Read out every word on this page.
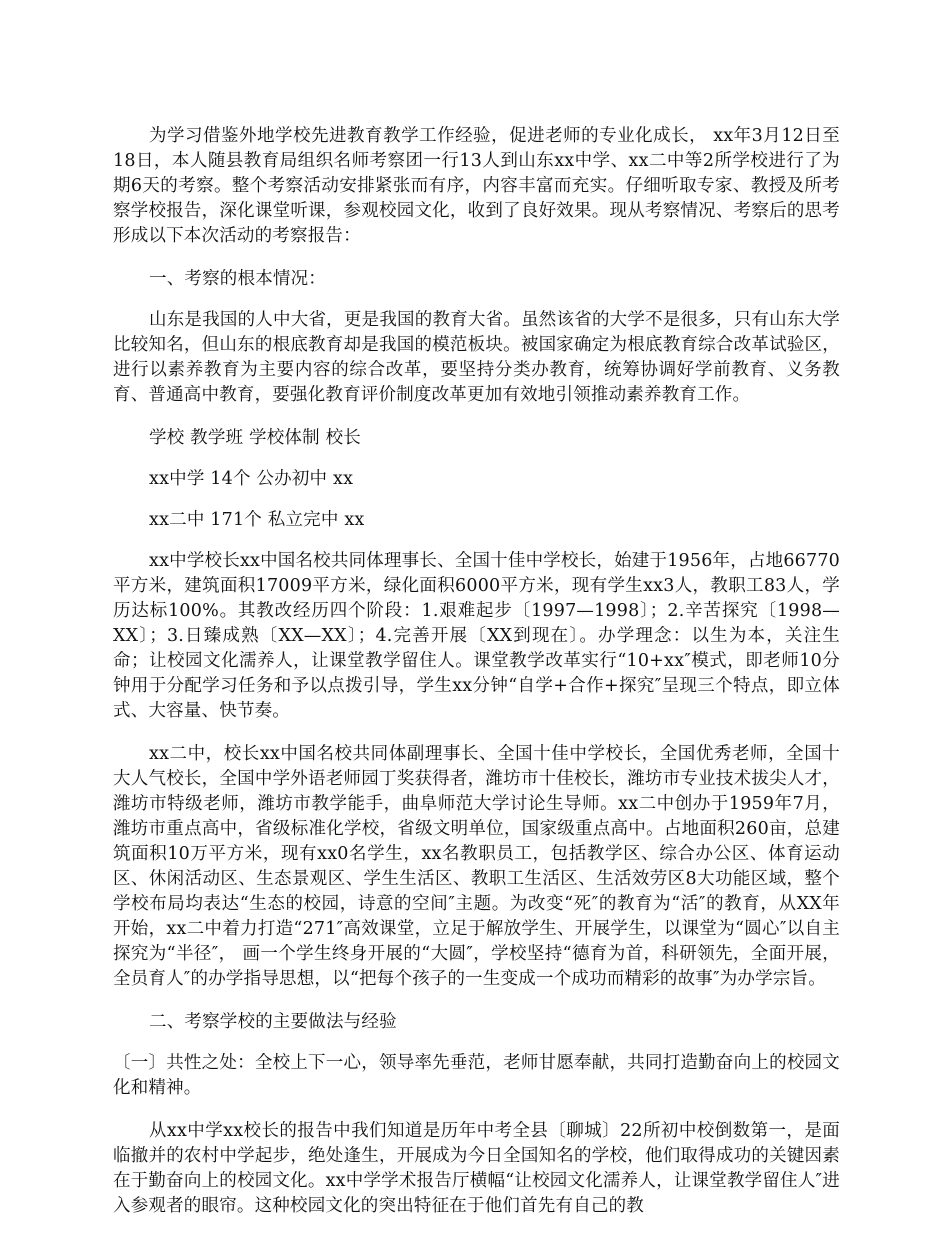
为学习借鉴外地学校先进教育教学工作经验，促进老师的专业化成长， xx年3月12日至18日，本人随县教育局组织名师考察团一行13人到山东xx中学、xx二中等2所学校进行了为期6天的考察。整个考察活动安排紧张而有序，内容丰富而充实。仔细听取专家、教授及所考察学校报告，深化课堂听课，参观校园文化，收到了良好效果。现从考察情况、考察后的思考形成以下本次活动的考察报告：

一、考察的根本情况：

山东是我国的人中大省，更是我国的教育大省。虽然该省的大学不是很多，只有山东大学比较知名，但山东的根底教育却是我国的模范板块。被国家确定为根底教育综合改革试验区，进行以素养教育为主要内容的综合改革，要坚持分类办教育，统筹协调好学前教育、义务教育、普通高中教育，要强化教育评价制度改革更加有效地引领推动素养教育工作。

学校 教学班 学校体制 校长

xx中学 14个 公办初中 xx

xx二中 171个 私立完中 xx

xx中学校长xx中国名校共同体理事长、全国十佳中学校长，始建于1956年，占地66770平方米，建筑面积17009平方米，绿化面积6000平方米，现有学生xx3人，教职工83人，学历达标100%。其教改经历四个阶段：1.艰难起步〔1997—1998〕；2.辛苦探究〔1998—XX〕；3.日臻成熟〔XX—XX〕；4.完善开展〔XX到现在〕。办学理念：以生为本，关注生命；让校园文化濡养人，让课堂教学留住人。课堂教学改革实行“10+xx″模式，即老师10分钟用于分配学习任务和予以点拨引导，学生xx分钟“自学+合作+探究″呈现三个特点，即立体式、大容量、快节奏。

xx二中，校长xx中国名校共同体副理事长、全国十佳中学校长，全国优秀老师，全国十大人气校长，全国中学外语老师园丁奖获得者，潍坊市十佳校长，潍坊市专业技术拔尖人才，潍坊市特级老师，潍坊市教学能手，曲阜师范大学讨论生导师。xx二中创办于1959年7月，潍坊市重点高中，省级标准化学校，省级文明单位，国家级重点高中。占地面积260亩，总建筑面积10万平方米，现有xx0名学生，xx名教职员工，包括教学区、综合办公区、体育运动区、休闲活动区、生态景观区、学生生活区、教职工生活区、生活效劳区8大功能区域，整个学校布局均表达“生态的校园，诗意的空间″主题。为改变“死″的教育为“活″的教育，从XX年开始，xx二中着力打造“271″高效课堂，立足于解放学生、开展学生，以课堂为“圆心″以自主探究为“半径″， 画一个学生终身开展的“大圆″，学校坚持“德育为首，科研领先，全面开展，全员育人″的办学指导思想，以“把每个孩子的一生变成一个成功而精彩的故事″为办学宗旨。

二、考察学校的主要做法与经验

〔一〕共性之处：全校上下一心，领导率先垂范，老师甘愿奉献，共同打造勤奋向上的校园文化和精神。

从xx中学xx校长的报告中我们知道是历年中考全县〔聊城〕22所初中校倒数第一，是面临撤并的农村中学起步，绝处逢生，开展成为今日全国知名的学校，他们取得成功的关键因素在于勤奋向上的校园文化。xx中学学术报告厅横幅“让校园文化濡养人，让课堂教学留住人″进入参观者的眼帘。这种校园文化的突出特征在于他们首先有自己的教
